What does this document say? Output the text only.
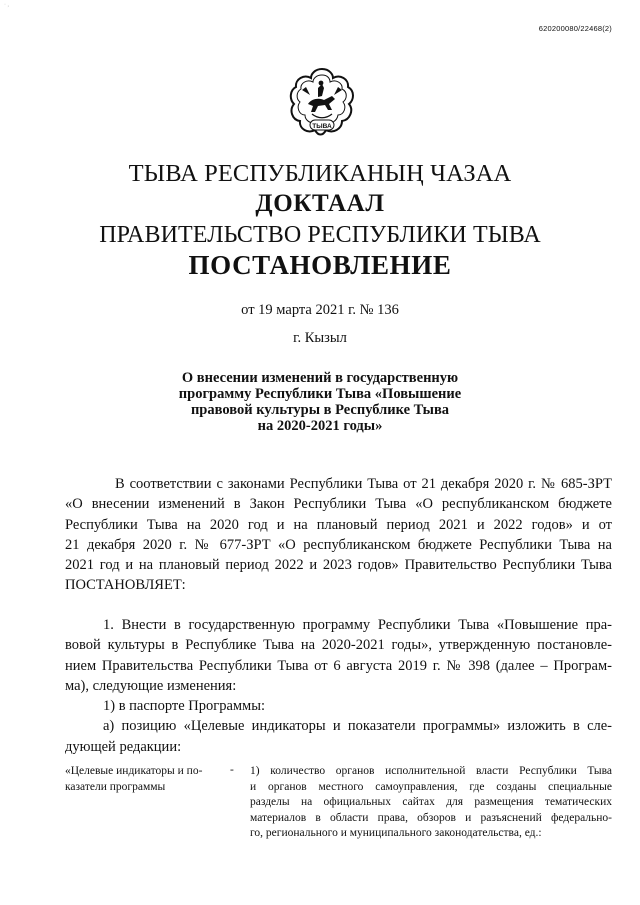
· ,
620200080/22468(2)
ТЫВА
ТЫВА РЕСПУБЛИКАНЫҢ ЧАЗАА
ДОКТААЛ
ПРАВИТЕЛЬСТВО РЕСПУБЛИКИ ТЫВА
ПОСТАНОВЛЕНИЕ
от 19 марта 2021 г. № 136
г. Кызыл
О внесении изменений в государственную
программу Республики Тыва «Повышение
правовой культуры в Республике Тыва
на 2020-2021 годы»
В соответствии с законами Республики Тыва от 21 декабря 2020 г. № 685-ЗРТ
«О внесении изменений в Закон Республики Тыва «О республиканском бюджете
Республики Тыва на 2020 год и на плановый период 2021 и 2022 годов» и от
21 декабря 2020 г. № 677-ЗРТ «О республиканском бюджете Республики Тыва на
2021 год и на плановый период 2022 и 2023 годов» Правительство Республики Тыва
ПОСТАНОВЛЯЕТ:
1. Внести в государственную программу Республики Тыва «Повышение пра-
вовой культуры в Республике Тыва на 2020-2021 годы», утвержденную постановле-
нием Правительства Республики Тыва от 6 августа 2019 г. № 398 (далее – Програм-
ма), следующие изменения:
1) в паспорте Программы:
а) позицию «Целевые индикаторы и показатели программы» изложить в сле-
дующей редакции:
«Целевые индикаторы и по-
казатели программы
- 1) количество органов исполнительной власти Республики Тыва
и органов местного самоуправления, где созданы специальные
разделы на официальных сайтах для размещения тематических
материалов в области права, обзоров и разъяснений федерально-
го, регионального и муниципального законодательства, ед.:
